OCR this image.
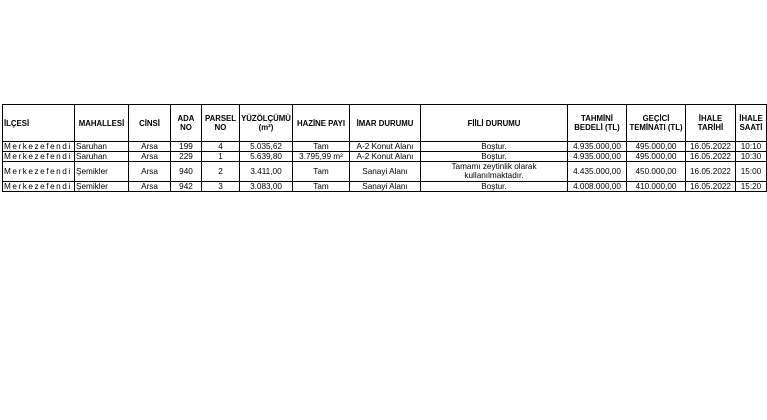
İLÇESİ	MAHALLESİ	CİNSİ	ADA NO	PARSEL NO	YÜZÖLÇÜMÜ (m²)	HAZİNE PAYI	İMAR DURUMU	FİİLİ DURUMU	TAHMİNİ BEDELİ (TL)	GEÇİCİ TEMİNATI (TL)	İHALE TARİHİ	İHALE SAATİ
Merkezefendi	Saruhan	Arsa	199	4	5.035,62	Tam	A-2 Konut Alanı	Boştur.	4.935.000,00	495.000,00	16.05.2022	10:10
Merkezefendi	Saruhan	Arsa	229	1	5.639,80	3.795,99 m²	A-2 Konut Alanı	Boştur.	4.935.000,00	495.000,00	16.05.2022	10:30
Merkezefendi	Şemikler	Arsa	940	2	3.411,00	Tam	Sanayi Alanı	Tamamı zeytinlik olarak kullanılmaktadır.	4.435.000,00	450.000,00	16.05.2022	15:00
Merkezefendi	Şemikler	Arsa	942	3	3.083,00	Tam	Sanayi Alanı	Boştur.	4.008.000,00	410.000,00	16.05.2022	15:20
